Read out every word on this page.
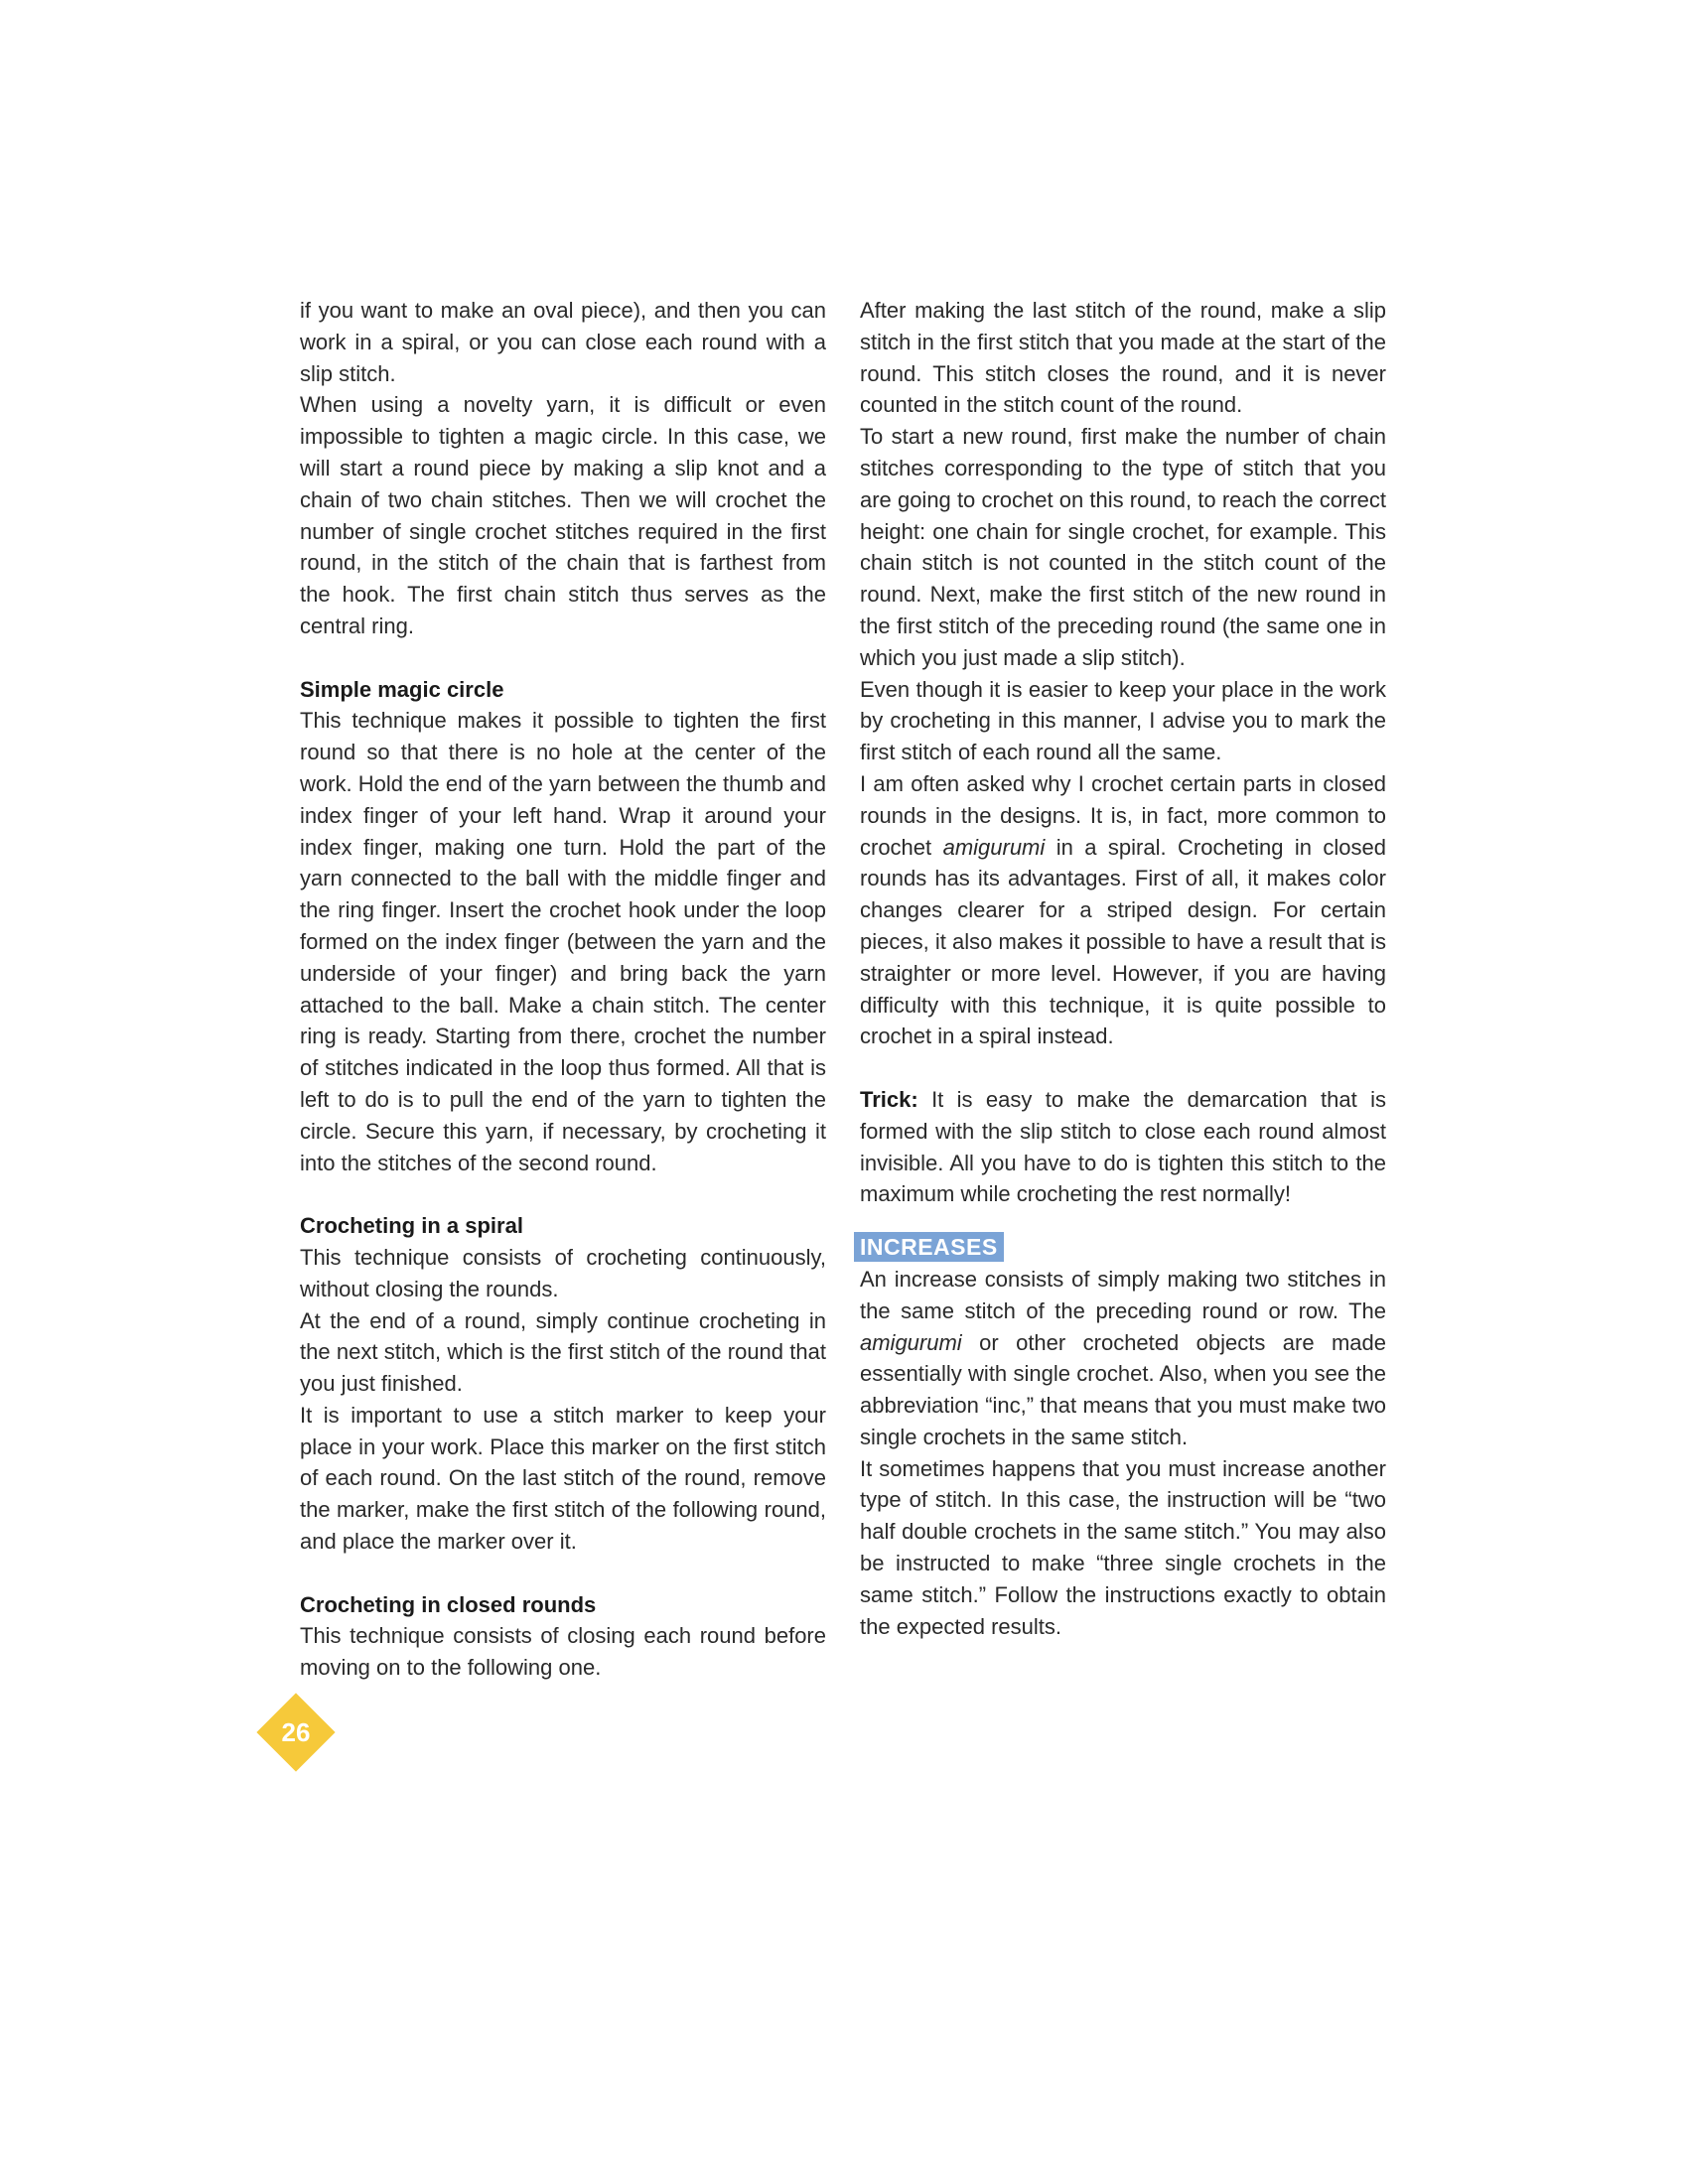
if you want to make an oval piece), and then you can work in a spiral, or you can close each round with a slip stitch.

When using a novelty yarn, it is difficult or even impossible to tighten a magic circle. In this case, we will start a round piece by making a slip knot and a chain of two chain stitches. Then we will crochet the number of single crochet stitches required in the first round, in the stitch of the chain that is farthest from the hook. The first chain stitch thus serves as the central ring.

Simple magic circle

This technique makes it possible to tighten the first round so that there is no hole at the center of the work. Hold the end of the yarn between the thumb and index finger of your left hand. Wrap it around your index finger, making one turn. Hold the part of the yarn connected to the ball with the middle finger and the ring finger. Insert the crochet hook under the loop formed on the index finger (between the yarn and the underside of your finger) and bring back the yarn attached to the ball. Make a chain stitch. The center ring is ready. Starting from there, crochet the number of stitches indicated in the loop thus formed. All that is left to do is to pull the end of the yarn to tighten the circle. Secure this yarn, if necessary, by crocheting it into the stitches of the second round.

Crocheting in a spiral

This technique consists of crocheting continuously, without closing the rounds.

At the end of a round, simply continue crocheting in the next stitch, which is the first stitch of the round that you just finished.

It is important to use a stitch marker to keep your place in your work. Place this marker on the first stitch of each round. On the last stitch of the round, remove the marker, make the first stitch of the following round, and place the marker over it.

Crocheting in closed rounds

This technique consists of closing each round before moving on to the following one.

After making the last stitch of the round, make a slip stitch in the first stitch that you made at the start of the round. This stitch closes the round, and it is never counted in the stitch count of the round.

To start a new round, first make the number of chain stitches corresponding to the type of stitch that you are going to crochet on this round, to reach the correct height: one chain for single crochet, for example. This chain stitch is not counted in the stitch count of the round. Next, make the first stitch of the new round in the first stitch of the preceding round (the same one in which you just made a slip stitch).

Even though it is easier to keep your place in the work by crocheting in this manner, I advise you to mark the first stitch of each round all the same.

I am often asked why I crochet certain parts in closed rounds in the designs. It is, in fact, more common to crochet amigurumi in a spiral. Crocheting in closed rounds has its advantages. First of all, it makes color changes clearer for a striped design. For certain pieces, it also makes it possible to have a result that is straighter or more level. However, if you are having difficulty with this technique, it is quite possible to crochet in a spiral instead.

Trick: It is easy to make the demarcation that is formed with the slip stitch to close each round almost invisible. All you have to do is tighten this stitch to the maximum while crocheting the rest normally!

INCREASES

An increase consists of simply making two stitches in the same stitch of the preceding round or row. The amigurumi or other crocheted objects are made essentially with single crochet. Also, when you see the abbreviation “inc,” that means that you must make two single crochets in the same stitch.

It sometimes happens that you must increase another type of stitch. In this case, the instruction will be “two half double crochets in the same stitch.” You may also be instructed to make “three single crochets in the same stitch.” Follow the instructions exactly to obtain the expected results.

26
